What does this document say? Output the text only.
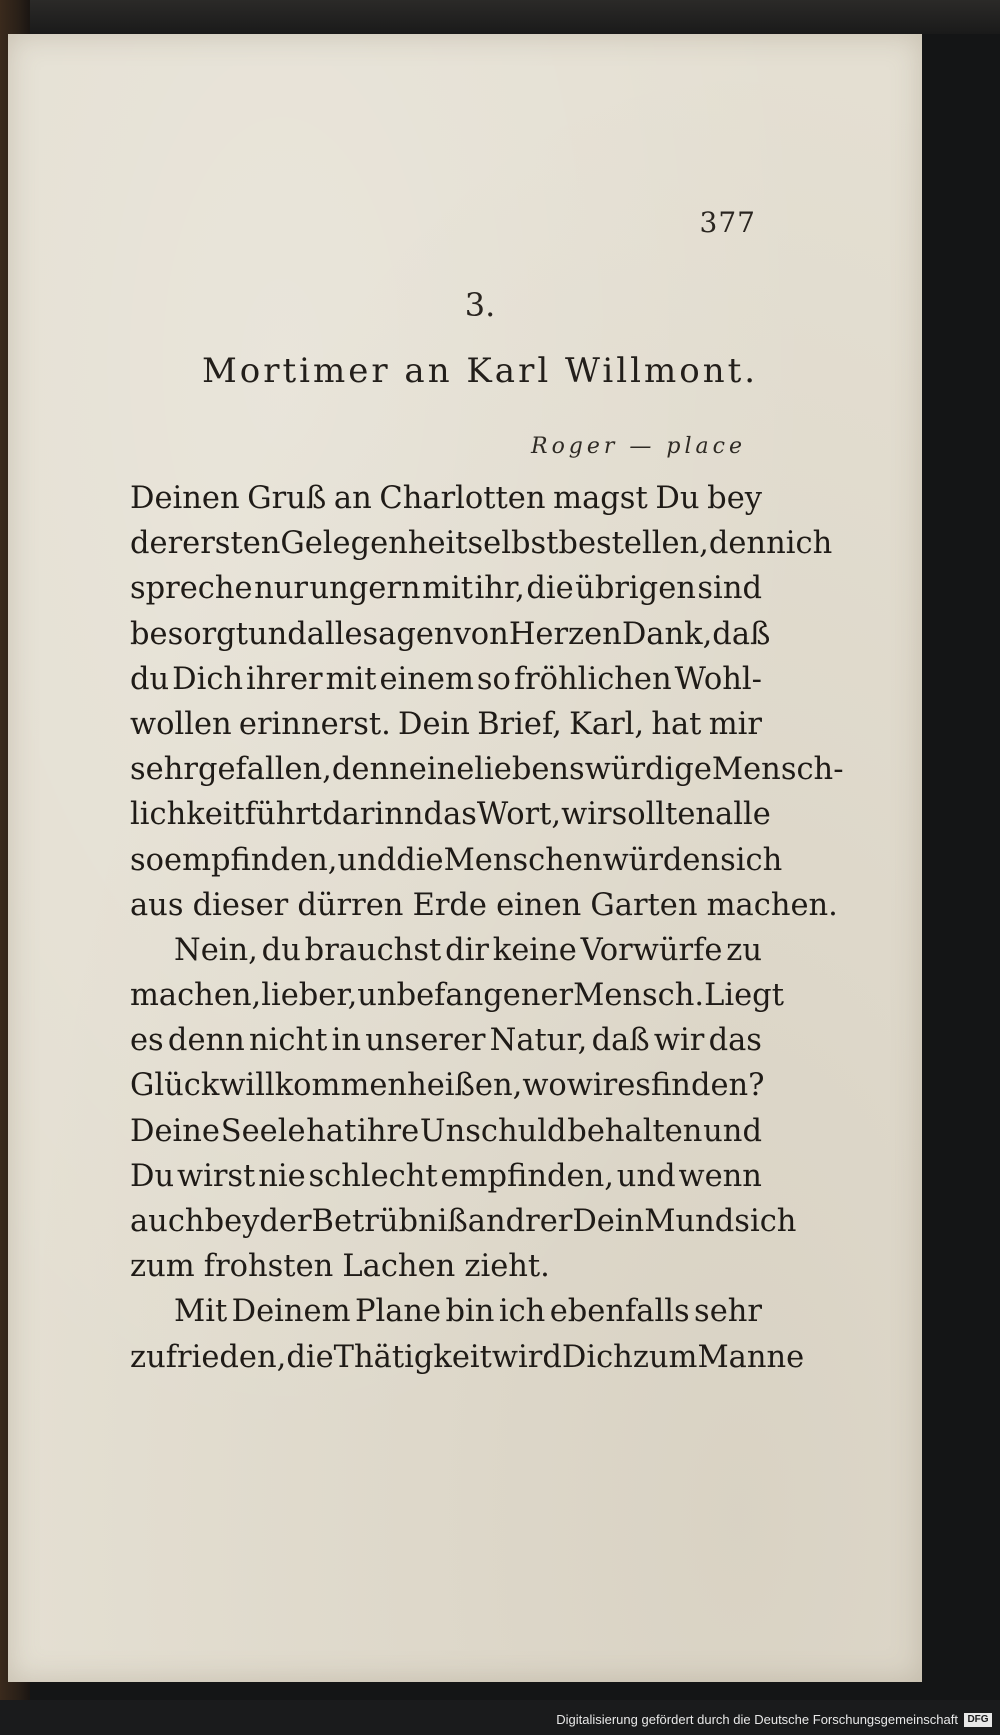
377
3.
Mortimer an Karl Willmont.
Roger — place
Deinen Gruß an Charlotten magst Du bey
der ersten Gelegenheit selbst bestellen, denn ich
spreche nur ungern mit ihr, die übrigen sind
besorgt und alle sagen von Herzen Dank, daß
du Dich ihrer mit einem so fröhlichen Wohl-
wollen erinnerst. Dein Brief, Karl, hat mir
sehr gefallen, denn eine liebenswürdige Mensch-
lichkeit führt darinn das Wort, wir sollten alle
so empfinden, und die Menschen würden sich
aus dieser dürren Erde einen Garten machen.
Nein, du brauchst dir keine Vorwürfe zu
machen, lieber, unbefangener Mensch. Liegt
es denn nicht in unserer Natur, daß wir das
Glück willkommen heißen, wo wir es finden?
Deine Seele hat ihre Unschuld behalten und
Du wirst nie schlecht empfinden, und wenn
auch bey der Betrübniß andrer Dein Mund sich
zum frohsten Lachen zieht.
Mit Deinem Plane bin ich ebenfalls sehr
zufrieden, die Thätigkeit wird Dich zum Manne
Digitalisierung gefördert durch die Deutsche Forschungsgemeinschaft DFG
